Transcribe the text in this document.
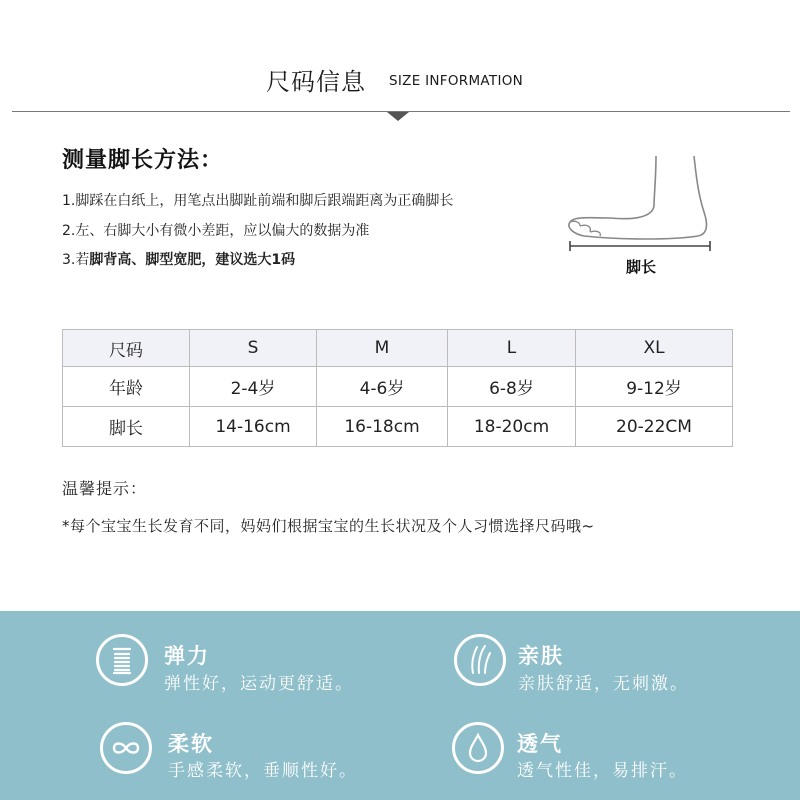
尺码信息 SIZE INFORMATION
测量脚长方法：
1.脚踩在白纸上，用笔点出脚趾前端和脚后跟端距离为正确脚长
2.左、右脚大小有微小差距，应以偏大的数据为准
3.若脚背高、脚型宽肥，建议选大1码	脚长
尺码	S	M	L	XL
年龄	2-4岁	4-6岁	6-8岁	9-12岁
脚长	14-16cm	16-18cm	18-20cm	20-22CM
温馨提示：
*每个宝宝生长发育不同，妈妈们根据宝宝的生长状况及个人习惯选择尺码哦~
弹力
弹性好，运动更舒适。
亲肤
亲肤舒适，无刺激。
柔软
手感柔软，垂顺性好。
透气
透气性佳，易排汗。
